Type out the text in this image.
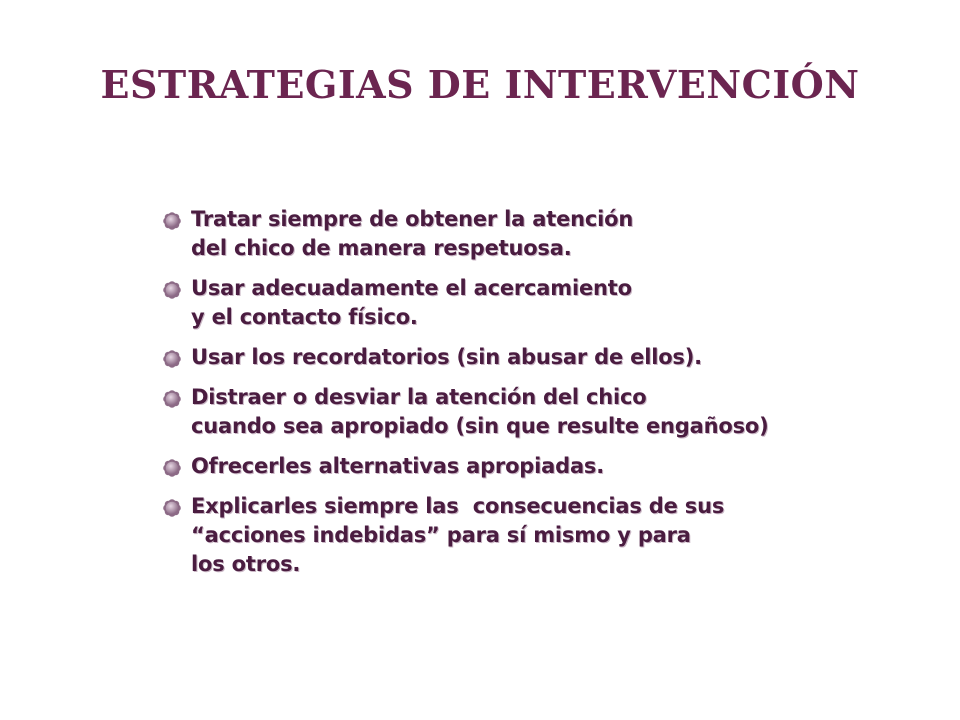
ESTRATEGIAS DE INTERVENCIÓN
Tratar siempre de obtener la atención
del chico de manera respetuosa.
Usar adecuadamente el acercamiento
y el contacto físico.
Usar los recordatorios (sin abusar de ellos).
Distraer o desviar la atención del chico
cuando sea apropiado (sin que resulte engañoso)
Ofrecerles alternativas apropiadas.
Explicarles siempre las  consecuencias de sus
“acciones indebidas” para sí mismo y para
los otros.
